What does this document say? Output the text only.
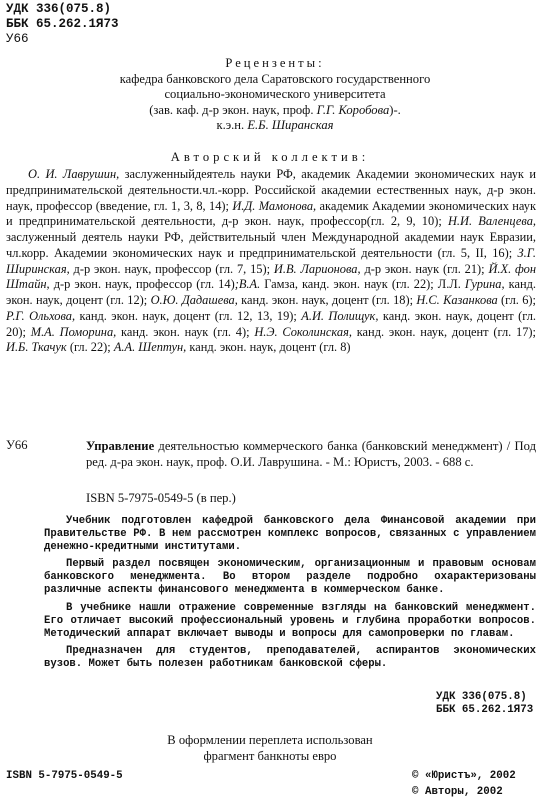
УДК 336(075.8)
ББК 65.262.1Я73
У66
Рецензенты:
кафедра банковского дела Саратовского государственного
социально-экономического университета
(зав. каф. д-р экон. наук, проф. Г.Г. Коробова)-.
к.э.н. Е.Б. Ширанская
Авторский коллектив:

О. И. Лаврушин, заслуженныйдеятель науки РФ, академик Академии экономических наук и предпринимательской деятельности.чл.-корр. Российской академии естественных наук, д-р экон. наук, профессор (введение, гл. 1, 3, 8, 14); И.Д. Мамонова, академик Академии экономических наук и предпринимательской деятельности, д-р экон. наук, профессор(гл. 2, 9, 10); Н.И. Валенцева, заслуженный деятель науки РФ, действительный член Международной академии наук Евразии, чл.корр. Академии экономических наук и предпринимательской деятельности (гл. 5, II, 16); З.Г. Ширинская, д-р экон. наук, профессор (гл. 7, 15); И.В. Ларионова, д-р экон. наук (гл. 21); Й.Х. фон Штайн, д-р экон. наук, профессор (гл. 14);В.А. Гамза, канд. экон. наук (гл. 22); Л.Л. Гурина, канд. экон. наук, доцент (гл. 12); О.Ю. Дадашева, канд. экон. наук, доцент (гл. 18); Н.С. Казанкова (гл. 6); Р.Г. Ольхова, канд. экон. наук, доцент (гл. 12, 13, 19); А.И. Полищук, канд. экон. наук, доцент (гл. 20); М.А. Поморина, канд. экон. наук (гл. 4); Н.Э. Соколинская, канд. экон. наук, доцент (гл. 17); И.Б. Ткачук (гл. 22); А.А. Шептун, канд. экон. наук, доцент (гл. 8)

У66	Управление деятельностью коммерческого банка (банковский менеджмент) / Под ред. д-ра экон. наук, проф. О.И. Лаврушина. - М.: Юристъ, 2003. - 688 с.
ISBN 5-7975-0549-5 (в пер.)

Учебник подготовлен кафедрой банковского дела Финансовой академии при Правительстве РФ. В нем рассмотрен комплекс вопросов, связанных с управлением денежно-кредитными институтами.

Первый раздел посвящен экономическим, организационным и правовым основам банковского менеджмента. Во втором разделе подробно охарактеризованы различные аспекты финансового менеджмента в коммерческом банке.

В учебнике нашли отражение современные взгляды на банковский менеджмент. Его отличает высокий профессиональный уровень и глубина проработки вопросов. Методический аппарат включает выводы и вопросы для самопроверки по главам.

Предназначен для студентов, преподавателей, аспирантов экономических вузов. Может быть полезен работникам банковской сферы.

УДК 336(075.8)
ББК 65.262.1Я73
В оформлении переплета использован
фрагмент банкноты евро
ISBN 5-7975-0549-5	© «Юристъ», 2002
© Авторы, 2002
